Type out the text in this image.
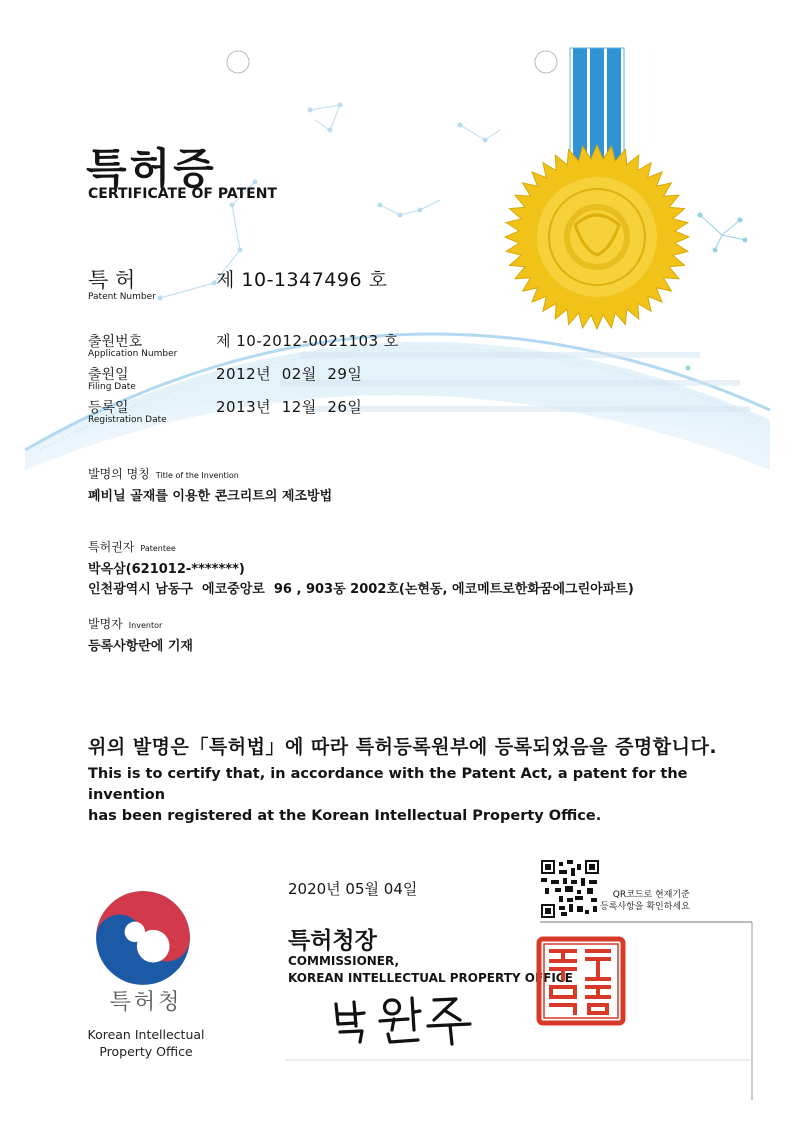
특허증
CERTIFICATE OF PATENT
특 허
Patent Number
제 10-1347496 호
출원번호
Application Number
제 10-2012-0021103 호
출원일
Filing Date
2012년  02월  29일
등록일
Registration Date
2013년  12월  26일
발명의 명칭 Title of the Invention
폐비닐 골재를 이용한 콘크리트의 제조방법
특허권자 Patentee
박옥삼(621012-*******)
인천광역시 남동구  에코중앙로  96 , 903동 2002호(논현동, 에코메트로한화꿈에그린아파트)
발명자 Inventor
등록사항란에 기재
위의 발명은「특허법」에 따라 특허등록원부에 등록되었음을 증명합니다.
This is to certify that, in accordance with the Patent Act, a patent for the invention
has been registered at the Korean Intellectual Property Office.
2020년 05월 04일	QR코드로 현재기준
등록사항을 확인하세요
특허청장
COMMISSIONER,
KOREAN INTELLECTUAL PROPERTY OFFICE
특허청
Korean Intellectual
Property Office
